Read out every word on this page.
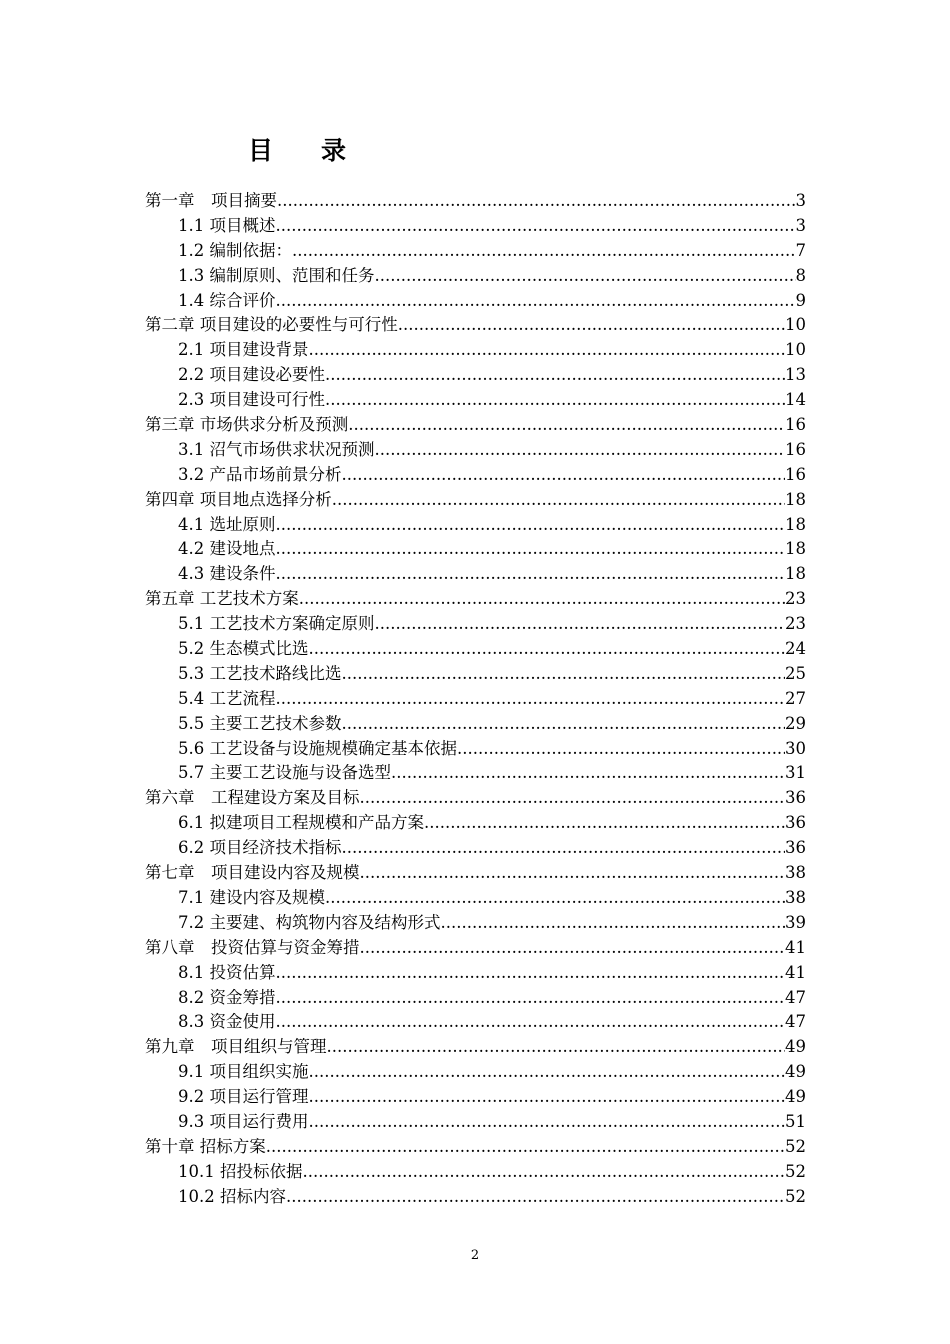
目 录
第一章　项目摘要 .....	3
1.1 项目概述 .....	3
1.2 编制依据： .....	7
1.3 编制原则、范围和任务 .....	8
1.4 综合评价 .....	9
第二章 项目建设的必要性与可行性 .....	10
2.1 项目建设背景 .....	10
2.2 项目建设必要性 .....	13
2.3 项目建设可行性 .....	14
第三章 市场供求分析及预测 .....	16
3.1 沼气市场供求状况预测 .....	16
3.2 产品市场前景分析 .....	16
第四章 项目地点选择分析 .....	18
4.1 选址原则 .....	18
4.2 建设地点 .....	18
4.3 建设条件 .....	18
第五章 工艺技术方案 .....	23
5.1 工艺技术方案确定原则 .....	23
5.2 生态模式比选 .....	24
5.3 工艺技术路线比选 .....	25
5.4 工艺流程 .....	27
5.5 主要工艺技术参数 .....	29
5.6 工艺设备与设施规模确定基本依据 .....	30
5.7 主要工艺设施与设备选型 .....	31
第六章　工程建设方案及目标 .....	36
6.1 拟建项目工程规模和产品方案 .....	36
6.2 项目经济技术指标 .....	36
第七章　项目建设内容及规模 .....	38
7.1 建设内容及规模 .....	38
7.2 主要建、构筑物内容及结构形式 .....	39
第八章　投资估算与资金筹措 .....	41
8.1 投资估算 .....	41
8.2 资金筹措 .....	47
8.3 资金使用 .....	47
第九章　项目组织与管理 .....	49
9.1 项目组织实施 .....	49
9.2 项目运行管理 .....	49
9.3 项目运行费用 .....	51
第十章 招标方案 .....	52
10.1 招投标依据 .....	52
10.2 招标内容 .....	52
2
